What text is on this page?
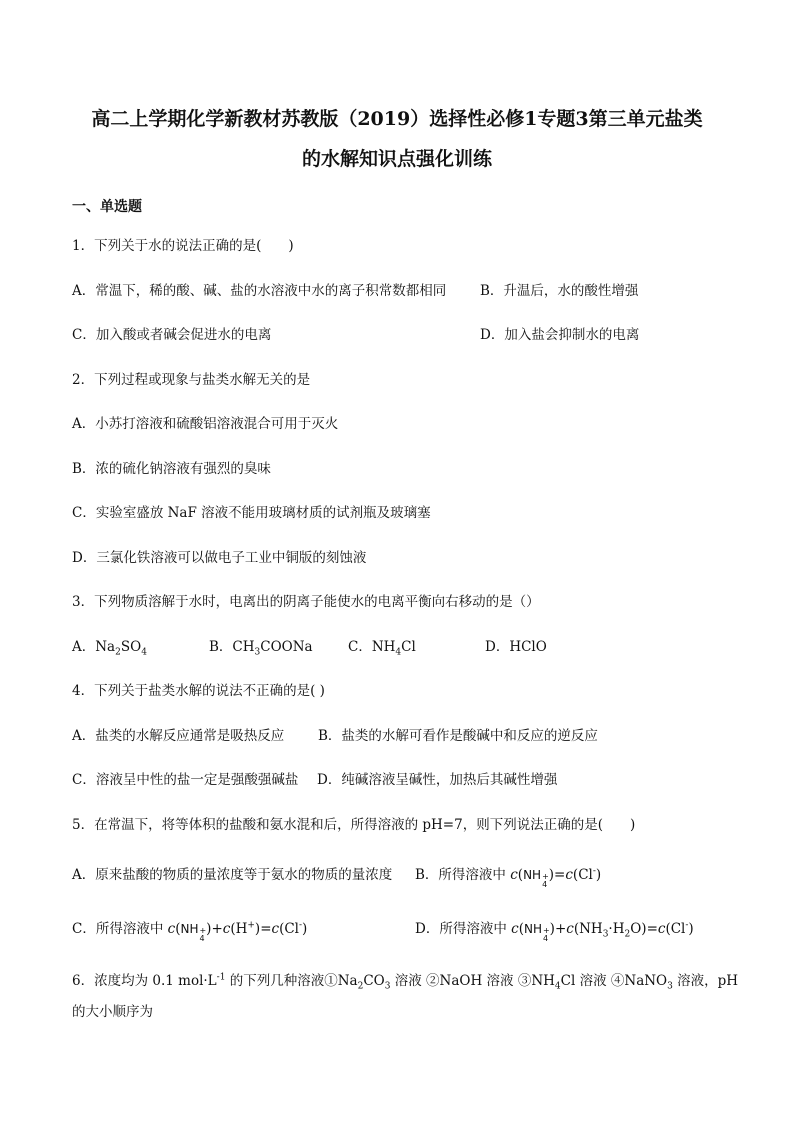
高二上学期化学新教材苏教版（2019）选择性必修1专题3第三单元盐类
的水解知识点强化训练
一、单选题
1．下列关于水的说法正确的是(　　)
A．常温下，稀的酸、碱、盐的水溶液中水的离子积常数都相同	B．升温后，水的酸性增强
C．加入酸或者碱会促进水的电离	D．加入盐会抑制水的电离
2．下列过程或现象与盐类水解无关的是
A．小苏打溶液和硫酸铝溶液混合可用于灭火
B．浓的硫化钠溶液有强烈的臭味
C．实验室盛放 NaF 溶液不能用玻璃材质的试剂瓶及玻璃塞
D．三氯化铁溶液可以做电子工业中铜版的刻蚀液
3．下列物质溶解于水时，电离出的阴离子能使水的电离平衡向右移动的是（）
A．$Na_2SO_4$	B．$CH_3COONa$	C．$NH_4Cl$	D．HClO
4．下列关于盐类水解的说法不正确的是( )
A．盐类的水解反应通常是吸热反应	B．盐类的水解可看作是酸碱中和反应的逆反应
C．溶液呈中性的盐一定是强酸强碱盐 D．纯碱溶液呈碱性，加热后其碱性增强
5．在常温下，将等体积的盐酸和氨水混和后，所得溶液的 pH=7，则下列说法正确的是(　　)
A．原来盐酸的物质的量浓度等于氨水的物质的量浓度 B．所得溶液中 c(NH +
4
)=c(Cl-)
C．所得溶液中 c(NH +
4
)+c(H+)=c(Cl-)	D．所得溶液中 c(NH +
4
)$+c(NH_3\cdot H_2O)=c(Cl^-)$
6．浓度均为 0.1 $mol\cdot L^{-1}$ 的下列几种溶液$①Na_2CO_3$ 溶液 ②NaOH 溶液 $③NH_4Cl$ 溶液 ④NaNO$_3$ 溶液，pH
的大小顺序为
